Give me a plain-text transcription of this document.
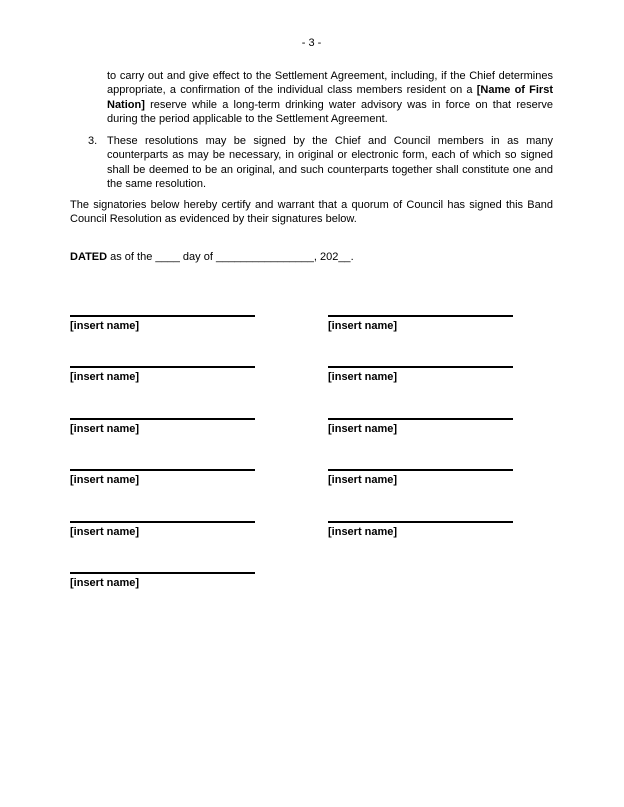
- 3 -
to carry out and give effect to the Settlement Agreement, including, if the Chief determines appropriate, a confirmation of the individual class members resident on a [Name of First Nation] reserve while a long-term drinking water advisory was in force on that reserve during the period applicable to the Settlement Agreement.
3. These resolutions may be signed by the Chief and Council members in as many counterparts as may be necessary, in original or electronic form, each of which so signed shall be deemed to be an original, and such counterparts together shall constitute one and the same resolution.
The signatories below hereby certify and warrant that a quorum of Council has signed this Band Council Resolution as evidenced by their signatures below.
DATED as of the ____ day of ________________, 202__.
[insert name]	[insert name]
[insert name]	[insert name]
[insert name]	[insert name]
[insert name]	[insert name]
[insert name]	[insert name]
[insert name]
